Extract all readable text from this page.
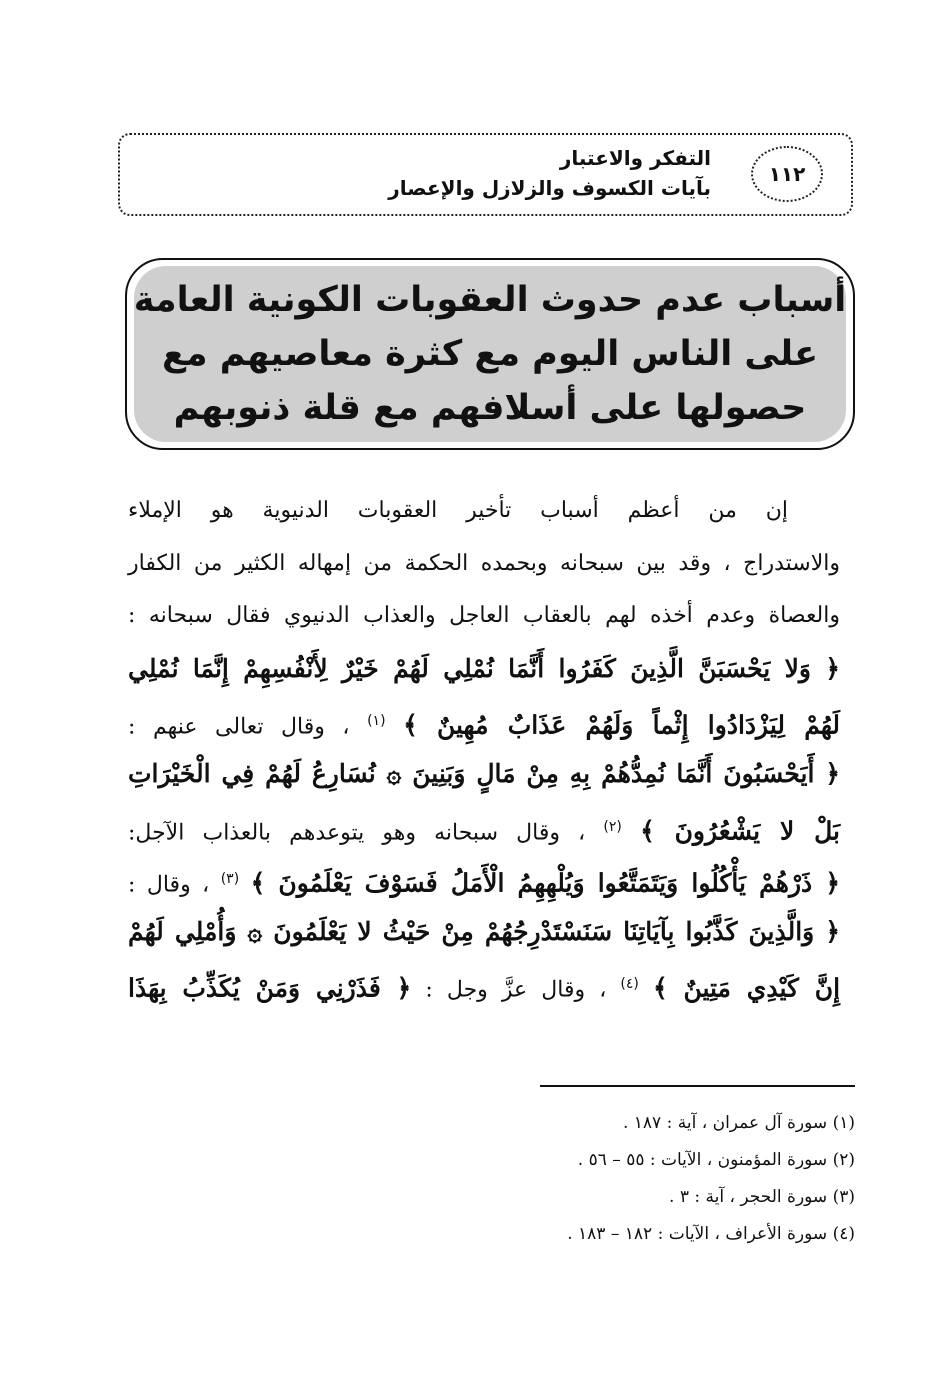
١١٢
التفكر والاعتبار
بآيات الكسوف والزلازل والإعصار
أسباب عدم حدوث العقوبات الكونية العامة
على الناس اليوم مع كثرة معاصيهم مع
حصولها على أسلافهم مع قلة ذنوبهم
إن من أعظم أسباب تأخير العقوبات الدنيوية هو الإملاء
والاستدراج ، وقد بين سبحانه وبحمده الحكمة من إمهاله الكثير من الكفار
والعصاة وعدم أخذه لهم بالعقاب العاجل والعذاب الدنيوي فقال سبحانه :
﴿ وَلا يَحْسَبَنَّ الَّذِينَ كَفَرُوا أَنَّمَا نُمْلِي لَهُمْ خَيْرٌ لِأَنْفُسِهِمْ إِنَّمَا نُمْلِي
لَهُمْ لِيَزْدَادُوا إِثْماً وَلَهُمْ عَذَابٌ مُهِينٌ ﴾ $^{(١)}$ ، وقال تعالى عنهم :
﴿ أَيَحْسَبُونَ أَنَّمَا نُمِدُّهُمْ بِهِ مِنْ مَالٍ وَبَنِينَ ۞ نُسَارِعُ لَهُمْ فِي الْخَيْرَاتِ
بَلْ لا يَشْعُرُونَ ﴾ $^{(٢)}$ ، وقال سبحانه وهو يتوعدهم بالعذاب الآجل:
﴿ ذَرْهُمْ يَأْكُلُوا وَيَتَمَتَّعُوا وَيُلْهِهِمُ الْأَمَلُ فَسَوْفَ يَعْلَمُونَ ﴾ $^{(٣)}$ ، وقال :
﴿ وَالَّذِينَ كَذَّبُوا بِآيَاتِنَا سَنَسْتَدْرِجُهُمْ مِنْ حَيْثُ لا يَعْلَمُونَ ۞ وَأُمْلِي لَهُمْ
إِنَّ كَيْدِي مَتِينٌ ﴾ $^{(٤)}$ ، وقال عزَّ وجل : ﴿ فَذَرْنِي وَمَنْ يُكَذِّبُ بِهَذَا
(١) سورة آل عمران ، آية : ١٨٧ .
(٢) سورة المؤمنون ، الآيات : ٥٥ – ٥٦ .
(٣) سورة الحجر ، آية : ٣ .
(٤) سورة الأعراف ، الآيات : ١٨٢ – ١٨٣ .
